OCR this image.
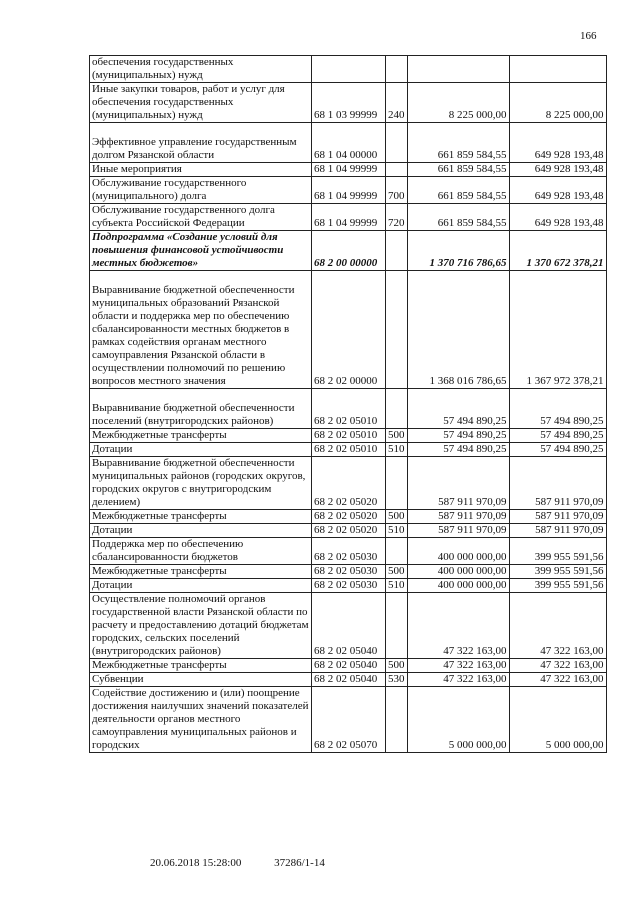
166
обеспечения государственных (муниципальных) нужд				
Иные закупки товаров, работ и услуг для обеспечения государственных (муниципальных) нужд	68 1 03 99999	240	8 225 000,00	8 225 000,00
Эффективное управление государственным долгом Рязанской области	68 1 04 00000		661 859 584,55	649 928 193,48
Иные мероприятия	68 1 04 99999		661 859 584,55	649 928 193,48
Обслуживание государственного (муниципального) долга	68 1 04 99999	700	661 859 584,55	649 928 193,48
Обслуживание государственного долга субъекта Российской Федерации	68 1 04 99999	720	661 859 584,55	649 928 193,48
Подпрограмма «Создание условий для повышения финансовой устойчивости местных бюджетов»	68 2 00 00000		1 370 716 786,65	1 370 672 378,21
Выравнивание бюджетной обеспеченности муниципальных образований Рязанской области и поддержка мер по обеспечению сбалансированности местных бюджетов в рамках содействия органам местного самоуправления Рязанской области в осуществлении полномочий по решению вопросов местного значения	68 2 02 00000		1 368 016 786,65	1 367 972 378,21
Выравнивание бюджетной обеспеченности поселений (внутригородских районов)	68 2 02 05010		57 494 890,25	57 494 890,25
Межбюджетные трансферты	68 2 02 05010	500	57 494 890,25	57 494 890,25
Дотации	68 2 02 05010	510	57 494 890,25	57 494 890,25
Выравнивание бюджетной обеспеченности муниципальных районов (городских округов, городских округов с внутригородским делением)	68 2 02 05020		587 911 970,09	587 911 970,09
Межбюджетные трансферты	68 2 02 05020	500	587 911 970,09	587 911 970,09
Дотации	68 2 02 05020	510	587 911 970,09	587 911 970,09
Поддержка мер по обеспечению сбалансированности бюджетов	68 2 02 05030		400 000 000,00	399 955 591,56
Межбюджетные трансферты	68 2 02 05030	500	400 000 000,00	399 955 591,56
Дотации	68 2 02 05030	510	400 000 000,00	399 955 591,56
Осуществление полномочий органов государственной власти Рязанской области по расчету и предоставлению дотаций бюджетам городских, сельских поселений (внутригородских районов)	68 2 02 05040		47 322 163,00	47 322 163,00
Межбюджетные трансферты	68 2 02 05040	500	47 322 163,00	47 322 163,00
Субвенции	68 2 02 05040	530	47 322 163,00	47 322 163,00
Содействие достижению и (или) поощрение достижения наилучших значений показателей деятельности органов местного самоуправления муниципальных районов и городских	68 2 02 05070		5 000 000,00	5 000 000,00
20.06.2018 15:28:00	37286/1-14
